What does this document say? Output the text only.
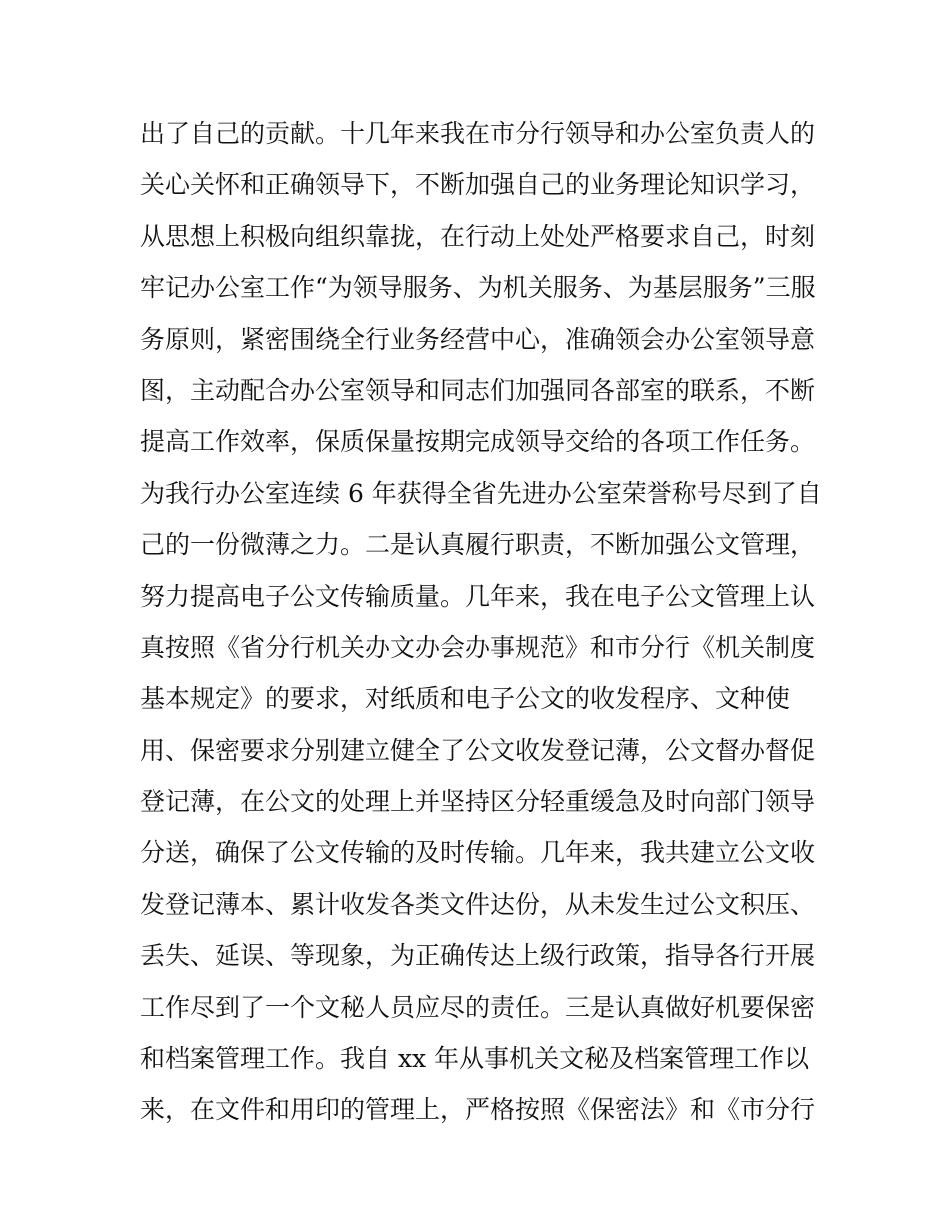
出了自己的贡献。十几年来我在市分行领导和办公室负责人的
关心关怀和正确领导下，不断加强自己的业务理论知识学习，
从思想上积极向组织靠拢，在行动上处处严格要求自己，时刻
牢记办公室工作“为领导服务、为机关服务、为基层服务”三服
务原则，紧密围绕全行业务经营中心，准确领会办公室领导意
图，主动配合办公室领导和同志们加强同各部室的联系，不断
提高工作效率，保质保量按期完成领导交给的各项工作任务。
为我行办公室连续 6 年获得全省先进办公室荣誉称号尽到了自
己的一份微薄之力。二是认真履行职责，不断加强公文管理，
努力提高电子公文传输质量。几年来，我在电子公文管理上认
真按照《省分行机关办文办会办事规范》和市分行《机关制度
基本规定》的要求，对纸质和电子公文的收发程序、文种使
用、保密要求分别建立健全了公文收发登记薄，公文督办督促
登记薄，在公文的处理上并坚持区分轻重缓急及时向部门领导
分送，确保了公文传输的及时传输。几年来，我共建立公文收
发登记薄本、累计收发各类文件达份，从未发生过公文积压、
丢失、延误、等现象，为正确传达上级行政策，指导各行开展
工作尽到了一个文秘人员应尽的责任。三是认真做好机要保密
和档案管理工作。我自 xx 年从事机关文秘及档案管理工作以
来，在文件和用印的管理上，严格按照《保密法》和《市分行
